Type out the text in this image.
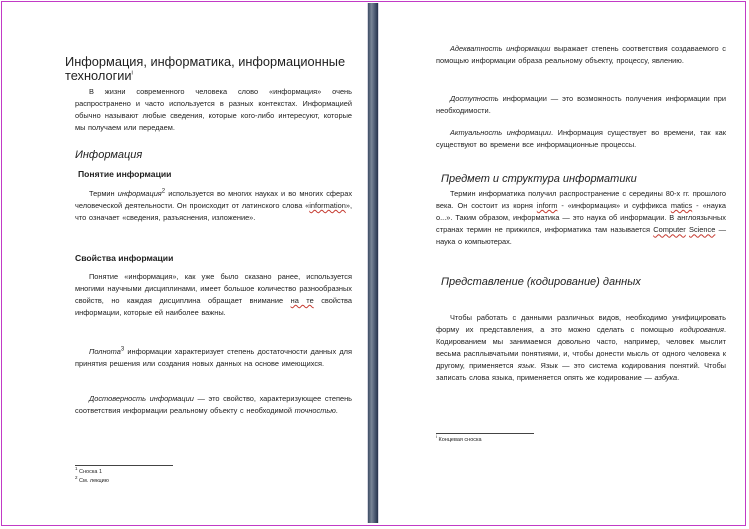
Информация, информатика, информационные технологии$^i$

В жизни современного человека слово «информация» очень распространено и часто используется в разных контекстах. Информацией обычно называют любые сведения, которые кого-либо интересуют, которые мы получаем или передаем.

Информация
Понятие информации

Термин информация$^2$ используется во многих науках и во многих сферах человеческой деятельности. Он происходит от латинского слова «information», что означает «сведения, разъяснения, изложение».

Свойства информации

Понятие «информация», как уже было сказано ранее, используется многими научными дисциплинами, имеет большое количество разнообразных свойств, но каждая дисциплина обращает внимание на те свойства информации, которые ей наиболее важны.

Полнота$^3$ информации характеризует степень достаточности данных для принятия решения или создания новых данных на основе имеющихся.

Достоверность информации — это свойство, характеризующее степень соответствия информации реальному объекту с необходимой точностью.

$^1$ Сноска 1

$^2$ См. лекцию

Адекватность информации выражает степень соответствия создаваемого с помощью информации образа реальному объекту, процессу, явлению.

Доступность информации — это возможность получения информации при необходимости.

Актуальность информации. Информация существует во времени, так как существуют во времени все информационные процессы.

Предмет и структура информатики

Термин информатика получил распространение с середины 80-х гг. прошлого века. Он состоит из корня inform - «информация» и суффикса matics - «наука о...». Таким образом, информатика — это наука об информации. В англоязычных странах термин не прижился, информатика там называется Computer Science — наука о компьютерах.

Представление (кодирование) данных

Чтобы работать с данными различных видов, необходимо унифицировать форму их представления, а это можно сделать с помощью кодирования. Кодированием мы занимаемся довольно часто, например, человек мыслит весьма расплывчатыми понятиями, и, чтобы донести мысль от одного человека к другому, применяется язык. Язык — это система кодирования понятий. Чтобы записать слова языка, применяется опять же кодирование — азбука.

$^i$ Концевая сноска
